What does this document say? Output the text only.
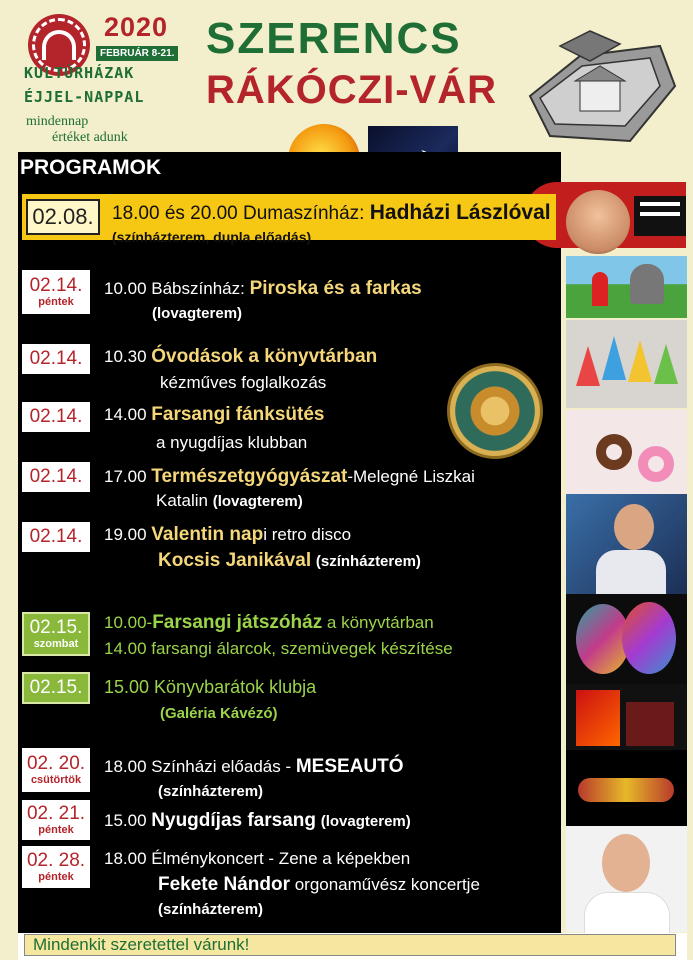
2020
FEBRUÁR 8-21.
KULTÚRHÁZAK
ÉJJEL-NAPPAL
mindennap
értéket adunk
SZERENCS
RÁKÓCZI-VÁR
PROGRAMOK
02.08. 18.00 és 20.00 Dumaszínház: Hadházi Lászlóval
(színházterem, dupla előadás)
02.14.
péntek
10.00 Bábszínház: Piroska és a farkas
(lovagterem)
02.14. 10.30 Óvodások a könyvtárban
kézműves foglalkozás
02.14. 14.00 Farsangi fánksütés
a nyugdíjas klubban
02.14. 17.00 Természetgyógyászat-Melegné Liszkai
Katalin (lovagterem)
02.14. 19.00 Valentin napi retro disco
Kocsis Janikával (színházterem)
02.15.
szombat
10.00-Farsangi játszóház a könyvtárban
14.00 farsangi álarcok, szemüvegek készítése
02.15. 15.00 Könyvbarátok klubja
(Galéria Kávézó)
02. 20.
csütörtök
18.00 Színházi előadás - MESEAUTÓ
(színházterem)
02. 21.
péntek 15.00 Nyugdíjas farsang (lovagterem)
02. 28.
péntek
18.00 Élménykoncert - Zene a képekben
Fekete Nándor orgonaművész koncertje
(színházterem)
Mindenkit szeretettel várunk!
